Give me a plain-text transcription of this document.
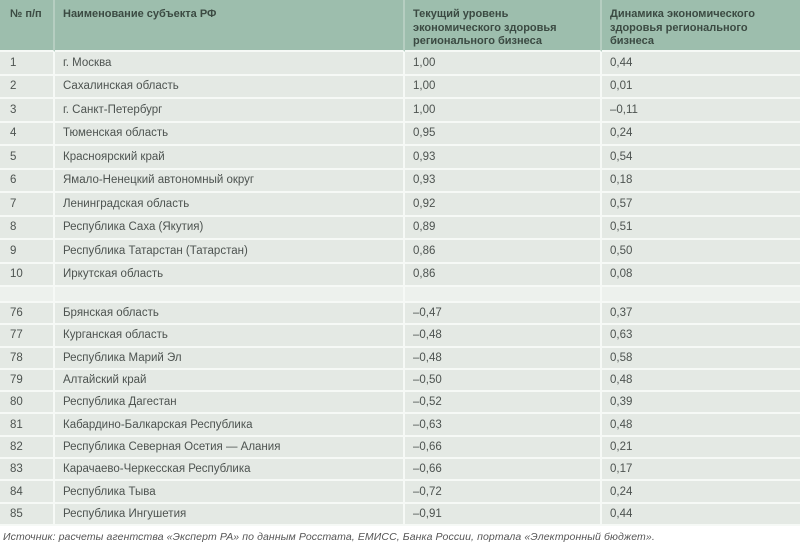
№ п/п	Наименование субъекта РФ	Текущий уровень экономического здоровья регионального бизнеса	Динамика экономического здоровья регионального бизнеса
1	г. Москва	1,00	0,44
2	Сахалинская область	1,00	0,01
3	г. Санкт-Петербург	1,00	–0,11
4	Тюменская область	0,95	0,24
5	Красноярский край	0,93	0,54
6	Ямало-Ненецкий автономный округ	0,93	0,18
7	Ленинградская область	0,92	0,57
8	Республика Саха (Якутия)	0,89	0,51
9	Республика Татарстан (Татарстан)	0,86	0,50
10	Иркутская область	0,86	0,08

76	Брянская область	–0,47	0,37
77	Курганская область	–0,48	0,63
78	Республика Марий Эл	–0,48	0,58
79	Алтайский край	–0,50	0,48
80	Республика Дагестан	–0,52	0,39
81	Кабардино-Балкарская Республика	–0,63	0,48
82	Республика Северная Осетия — Алания	–0,66	0,21
83	Карачаево-Черкесская Республика	–0,66	0,17
84	Республика Тыва	–0,72	0,24
85	Республика Ингушетия	–0,91	0,44
Источник: расчеты агентства «Эксперт РА» по данным Росстата, ЕМИСС, Банка России, портала «Электронный бюджет».
